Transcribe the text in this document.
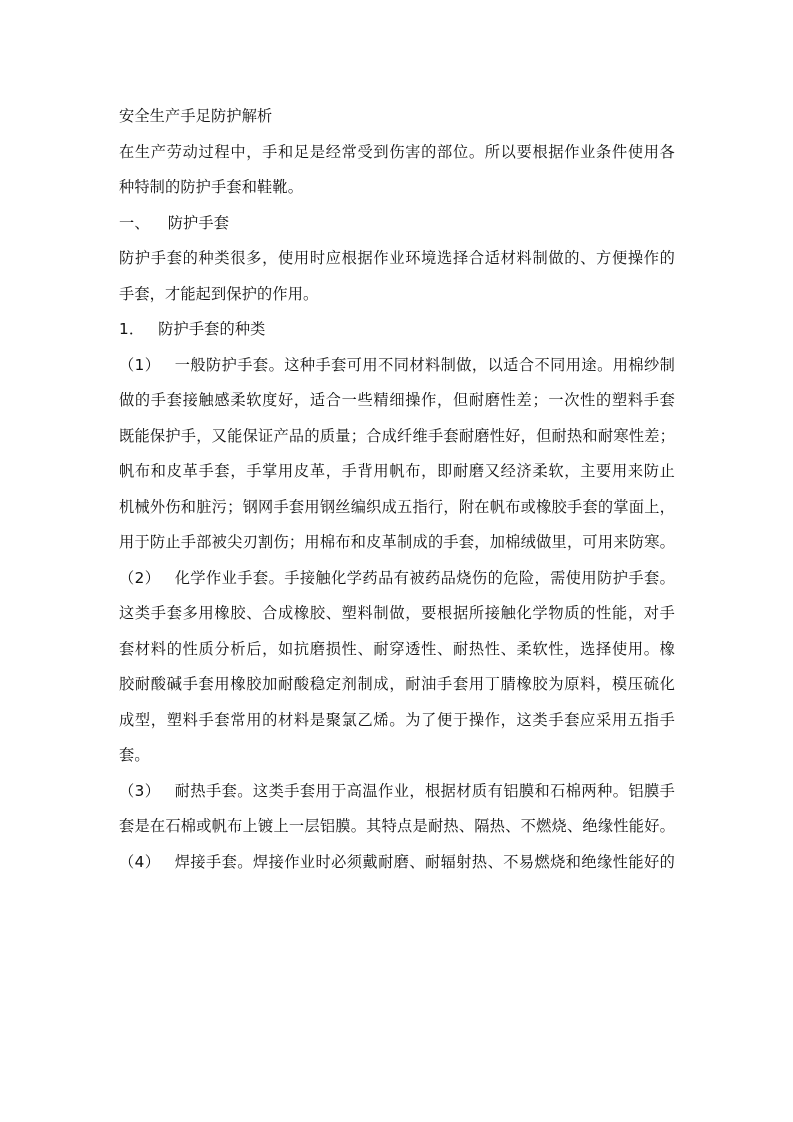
安全生产手足防护解析
在生产劳动过程中，手和足是经常受到伤害的部位。所以要根据作业条件使用各
种特制的防护手套和鞋靴。
一、 防护手套
防护手套的种类很多，使用时应根据作业环境选择合适材料制做的、方便操作的
手套，才能起到保护的作用。
1． 防护手套的种类
（1） 一般防护手套。这种手套可用不同材料制做，以适合不同用途。用棉纱制
做的手套接触感柔软度好，适合一些精细操作，但耐磨性差；一次性的塑料手套
既能保护手，又能保证产品的质量；合成纤维手套耐磨性好，但耐热和耐寒性差；
帆布和皮革手套，手掌用皮革，手背用帆布，即耐磨又经济柔软，主要用来防止
机械外伤和脏污；钢网手套用钢丝编织成五指行，附在帆布或橡胶手套的掌面上，
用于防止手部被尖刃割伤；用棉布和皮革制成的手套，加棉绒做里，可用来防寒。
（2） 化学作业手套。手接触化学药品有被药品烧伤的危险，需使用防护手套。
这类手套多用橡胶、合成橡胶、塑料制做，要根据所接触化学物质的性能，对手
套材料的性质分析后，如抗磨损性、耐穿透性、耐热性、柔软性，选择使用。橡
胶耐酸碱手套用橡胶加耐酸稳定剂制成，耐油手套用丁腈橡胶为原料，模压硫化
成型，塑料手套常用的材料是聚氯乙烯。为了便于操作，这类手套应采用五指手
套。
（3） 耐热手套。这类手套用于高温作业，根据材质有铝膜和石棉两种。铝膜手
套是在石棉或帆布上镀上一层铝膜。其特点是耐热、隔热、不燃烧、绝缘性能好。
（4） 焊接手套。焊接作业时必须戴耐磨、耐辐射热、不易燃烧和绝缘性能好的
